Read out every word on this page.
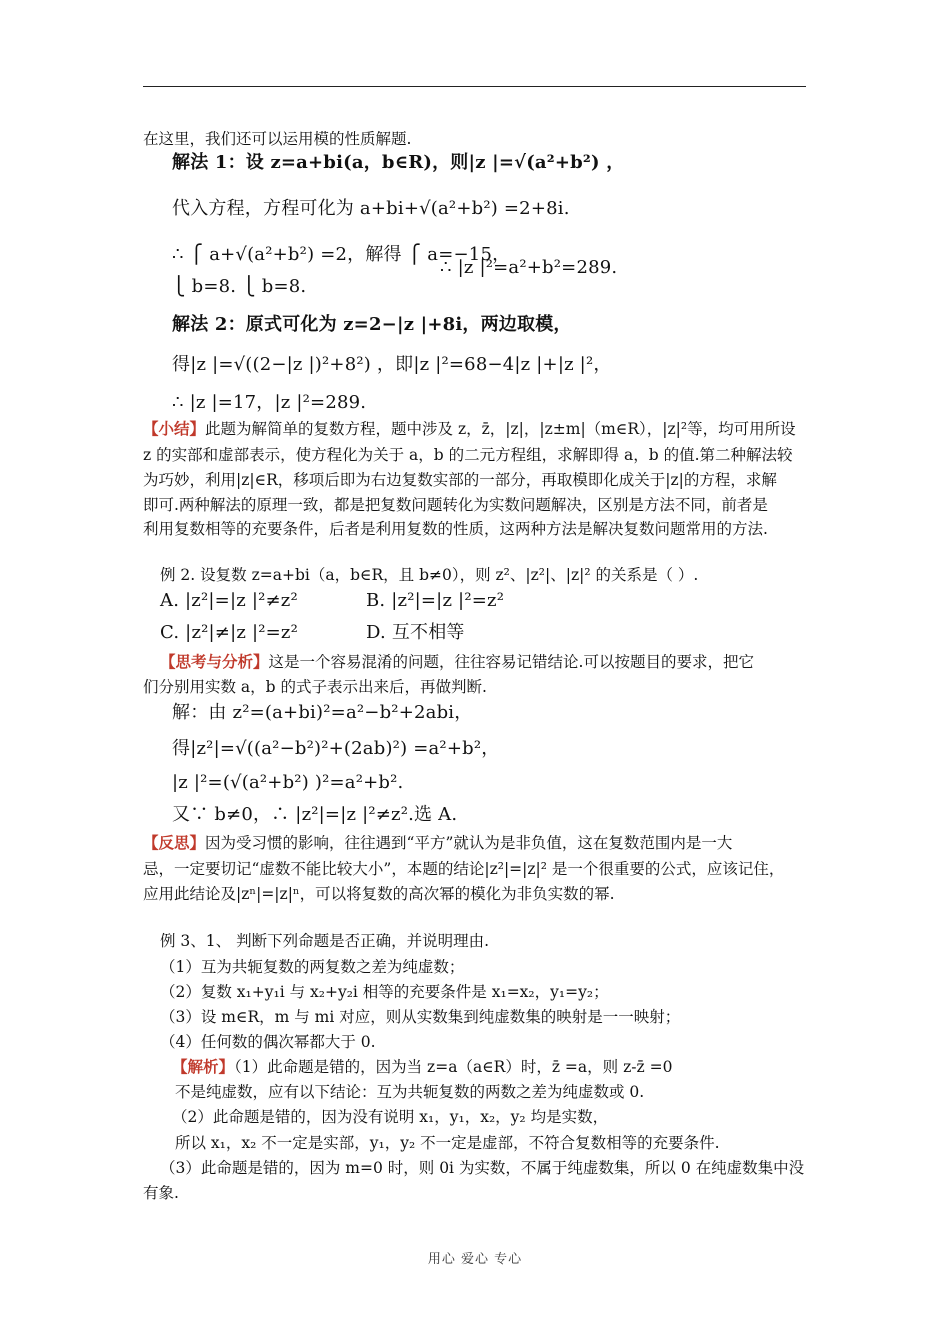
在这里，我们还可以运用模的性质解题.
解法 1：设 z=a+bi(a，b∈R)，则|z |=√(a²+b²) ，
代入方程，方程可化为 a+bi+√(a²+b²) =2+8i.
∴ ⎧ a+√(a²+b²) =2，解得 ⎧ a=−15，
∴ |z |²=a²+b²=289.
⎩ b=8. ⎩ b=8.
解法 2：原式可化为 z=2−|z |+8i，两边取模，
得|z |=√((2−|z |)²+8²) ，即|z |²=68−4|z |+|z |²，
∴ |z |=17，|z |²=289.
【小结】此题为解简单的复数方程，题中涉及 z，z̄，|z|，|z±m|（m∈R），|z|²等，均可用所设
z 的实部和虚部表示，使方程化为关于 a，b 的二元方程组，求解即得 a，b 的值.第二种解法较
为巧妙，利用|z|∈R，移项后即为右边复数实部的一部分，再取模即化成关于|z|的方程，求解
即可.两种解法的原理一致，都是把复数问题转化为实数问题解决，区别是方法不同，前者是
利用复数相等的充要条件，后者是利用复数的性质，这两种方法是解决复数问题常用的方法.
例 2. 设复数 z=a+bi（a，b∈R，且 b≠0），则 z²、|z²|、|z|² 的关系是（ ）.
A. |z²|=|z |²≠z²	B. |z²|=|z |²=z²
C. |z²|≠|z |²=z²	D. 互不相等
【思考与分析】这是一个容易混淆的问题，往往容易记错结论.可以按题目的要求，把它
们分别用实数 a，b 的式子表示出来后，再做判断.
解：由 z²=(a+bi)²=a²−b²+2abi，
得|z²|=√((a²−b²)²+(2ab)²) =a²+b²，
|z |²=(√(a²+b²) )²=a²+b².
又∵ b≠0，∴ |z²|=|z |²≠z².选 A.
【反思】因为受习惯的影响，往往遇到“平方”就认为是非负值，这在复数范围内是一大
忌，一定要切记“虚数不能比较大小”，本题的结论|z²|=|z|² 是一个很重要的公式，应该记住，
应用此结论及|zⁿ|=|z|ⁿ，可以将复数的高次幂的模化为非负实数的幂.
例 3、1、 判断下列命题是否正确，并说明理由.
（1）互为共轭复数的两复数之差为纯虚数；
（2）复数 x₁+y₁i 与 x₂+y₂i 相等的充要条件是 x₁=x₂，y₁=y₂；
（3）设 m∈R，m 与 mi 对应，则从实数集到纯虚数集的映射是一一映射；
（4）任何数的偶次幂都大于 0.
【解析】（1）此命题是错的，因为当 z=a（a∈R）时，z̄ =a，则 z-z̄ =0
不是纯虚数，应有以下结论：互为共轭复数的两数之差为纯虚数或 0.
（2）此命题是错的，因为没有说明 x₁，y₁，x₂，y₂ 均是实数，
所以 x₁，x₂ 不一定是实部，y₁，y₂ 不一定是虚部，不符合复数相等的充要条件.
（3）此命题是错的，因为 m=0 时，则 0i 为实数，不属于纯虚数集，所以 0 在纯虚数集中没
有象.
用心 爱心 专心
